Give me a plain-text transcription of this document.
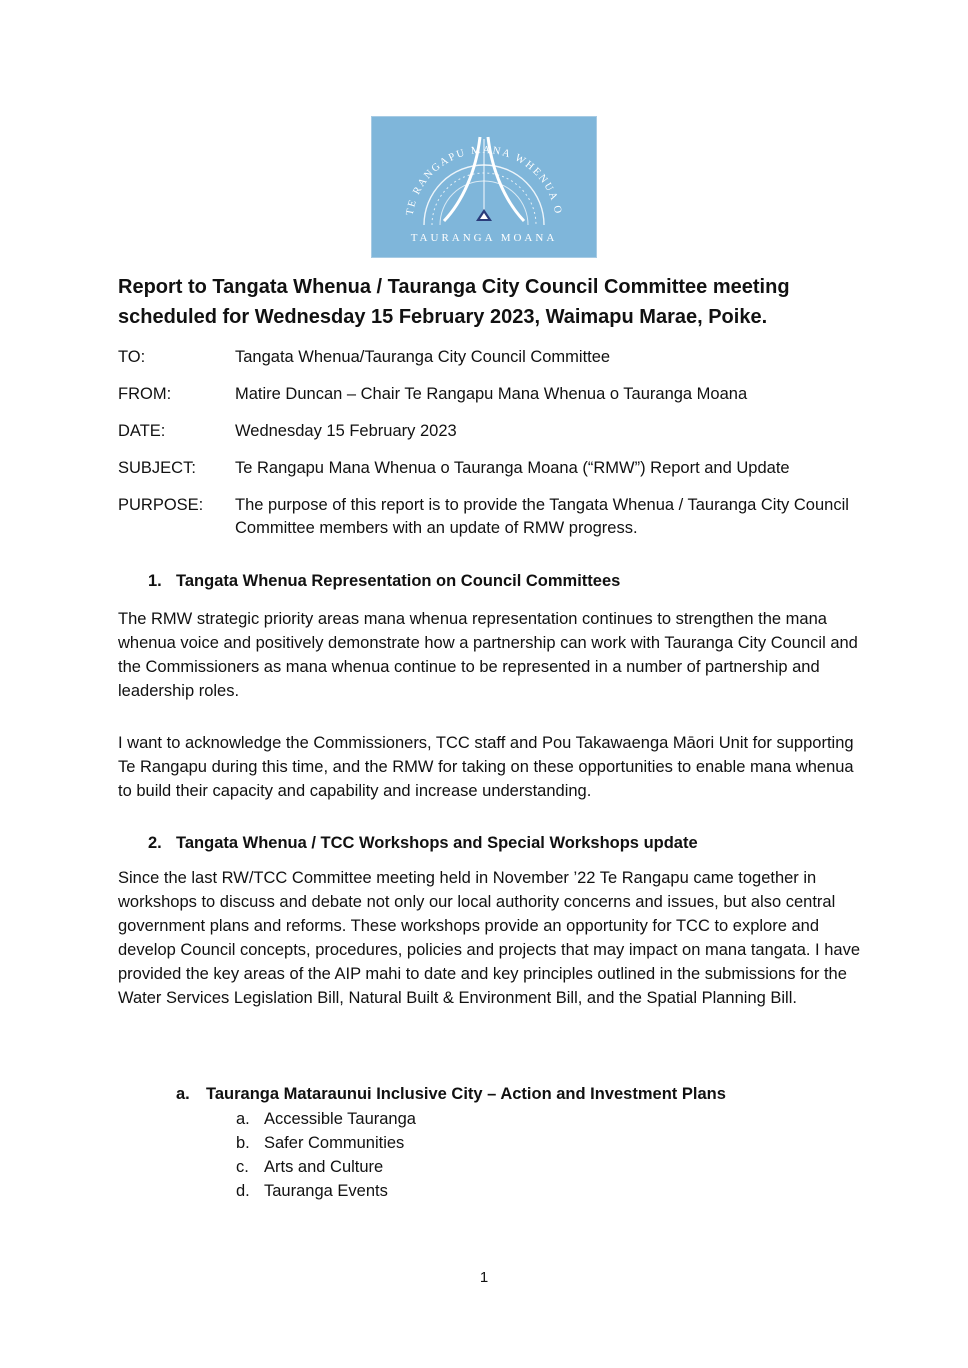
TE RANGAPU MANA WHENUA O
TAURANGA MOANA
Report to Tangata Whenua / Tauranga City Council Committee meeting scheduled for Wednesday 15 February 2023, Waimapu Marae, Poike.
TO:	Tangata Whenua/Tauranga City Council Committee
FROM:	Matire Duncan – Chair Te Rangapu Mana Whenua o Tauranga Moana
DATE:	Wednesday 15 February 2023
SUBJECT:	Te Rangapu Mana Whenua o Tauranga Moana (“RMW”) Report and Update
PURPOSE:	The purpose of this report is to provide the Tangata Whenua / Tauranga City Council Committee members with an update of RMW progress.
1. Tangata Whenua Representation on Council Committees
The RMW strategic priority areas mana whenua representation continues to strengthen the mana whenua voice and positively demonstrate how a partnership can work with Tauranga City Council and the Commissioners as mana whenua continue to be represented in a number of partnership and leadership roles.
I want to acknowledge the Commissioners, TCC staff and Pou Takawaenga Māori Unit for supporting Te Rangapu during this time, and the RMW for taking on these opportunities to enable mana whenua to build their capacity and capability and increase understanding.
2. Tangata Whenua / TCC Workshops and Special Workshops update
Since the last RW/TCC Committee meeting held in November ’22 Te Rangapu came together in workshops to discuss and debate not only our local authority concerns and issues, but also central government plans and reforms. These workshops provide an opportunity for TCC to explore and develop Council concepts, procedures, policies and projects that may impact on mana tangata. I have provided the key areas of the AIP mahi to date and key principles outlined in the submissions for the Water Services Legislation Bill, Natural Built & Environment Bill, and the Spatial Planning Bill.
a. Tauranga Mataraunui Inclusive City – Action and Investment Plans
a. Accessible Tauranga
b. Safer Communities
c. Arts and Culture
d. Tauranga Events
1
